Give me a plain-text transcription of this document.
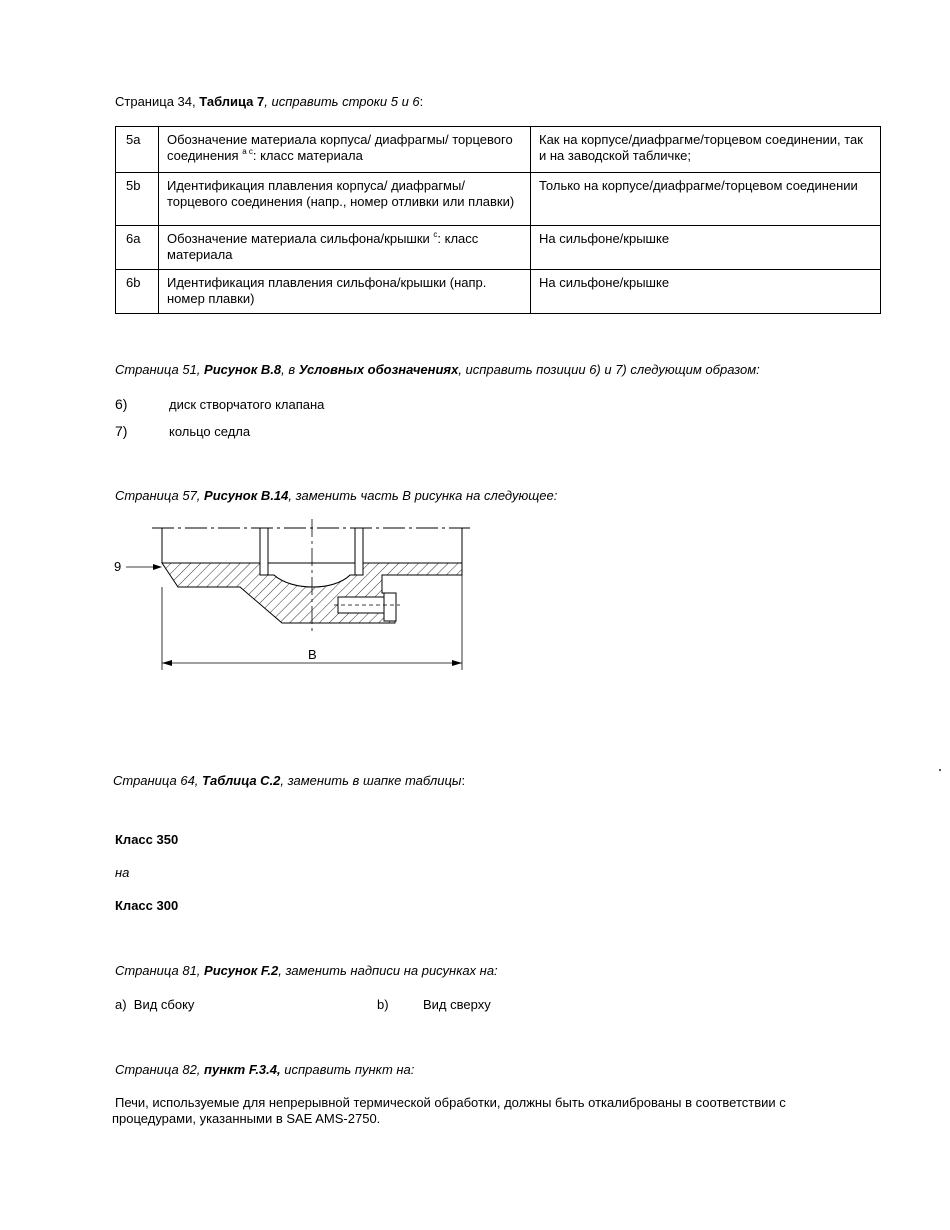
Страница 34, Таблица 7, исправить строки 5 и 6:
5a	Обозначение материала корпуса/ диафрагмы/ торцевого соединения $^{a c}$: класс материала	Как на корпусе/диафрагме/торцевом соединении, так и на заводской табличке;
5b	Идентификация плавления корпуса/ диафрагмы/ торцевого соединения (напр., номер отливки или плавки)	Только на корпусе/диафрагме/торцевом соединении
6a	Обозначение материала сильфона/крышки $^c$: класс материала	На сильфоне/крышке
6b	Идентификация плавления сильфона/крышки (напр. номер плавки)	На сильфоне/крышке
Страница 51, Рисунок В.8, в Условных обозначениях, исправить позиции 6) и 7) следующим образом:
6)	диск створчатого клапана
7)	кольцо седла
Страница 57, Рисунок В.14, заменить часть В рисунка на следующее:
9
B
Страница 64, Таблица С.2, заменить в шапке таблицы:
Класс 350
на
Класс 300
Страница 81, Рисунок F.2, заменить надписи на рисунках на:
a) Вид сбоку	b)	Вид сверху
Страница 82, пункт F.3.4, исправить пункт на:
Печи, используемые для непрерывной термической обработки, должны быть откалиброваны в соответствии с
процедурами, указанными в SAE AMS-2750.
